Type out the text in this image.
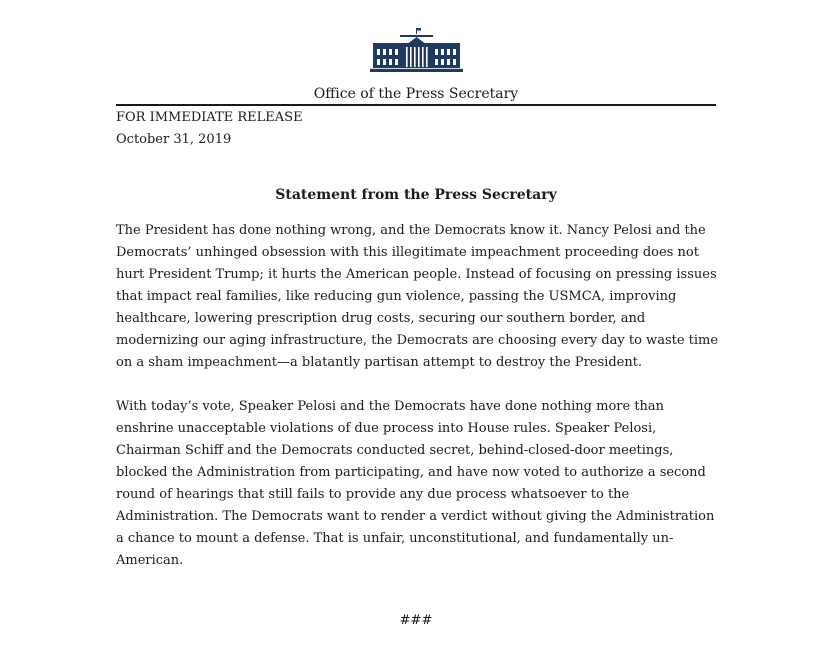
Office of the Press Secretary
FOR IMMEDIATE RELEASE
October 31, 2019
Statement from the Press Secretary

The President has done nothing wrong, and the Democrats know it. Nancy Pelosi and the Democrats’ unhinged obsession with this illegitimate impeachment proceeding does not hurt President Trump; it hurts the American people. Instead of focusing on pressing issues that impact real families, like reducing gun violence, passing the USMCA, improving healthcare, lowering prescription drug costs, securing our southern border, and modernizing our aging infrastructure, the Democrats are choosing every day to waste time on a sham impeachment—a blatantly partisan attempt to destroy the President.

With today’s vote, Speaker Pelosi and the Democrats have done nothing more than enshrine unacceptable violations of due process into House rules. Speaker Pelosi, Chairman Schiff and the Democrats conducted secret, behind-closed-door meetings, blocked the Administration from participating, and have now voted to authorize a second round of hearings that still fails to provide any due process whatsoever to the Administration. The Democrats want to render a verdict without giving the Administration a chance to mount a defense. That is unfair, unconstitutional, and fundamentally un-American.

###
